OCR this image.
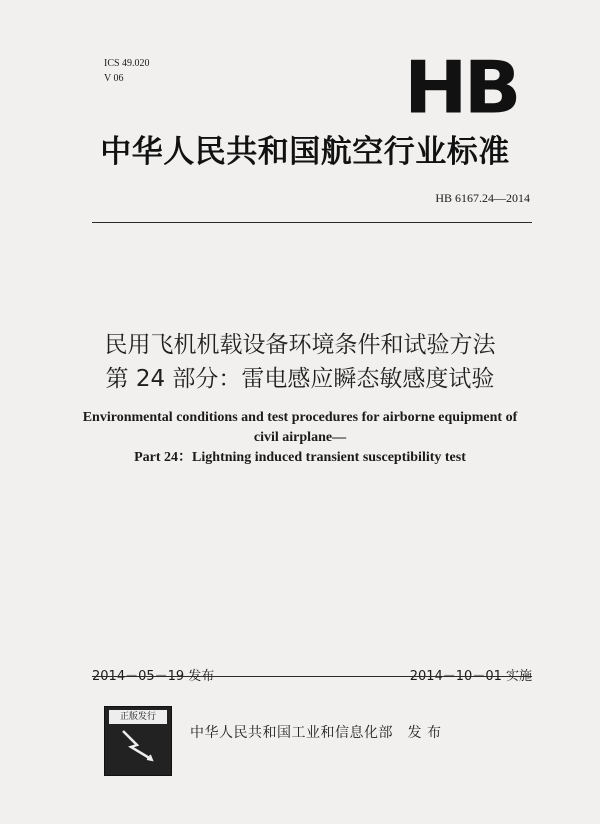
ICS 49.020
V 06	HB
中华人民共和国航空行业标准
HB 6167.24—2014
民用飞机机载设备环境条件和试验方法
第 24 部分：雷电感应瞬态敏感度试验
Environmental conditions and test procedures for airborne equipment of
civil airplane—
Part 24：Lightning induced transient susceptibility test
2014－05－19 发布	2014－10－01 实施
正版发行
中华人民共和国工业和信息化部　发 布
